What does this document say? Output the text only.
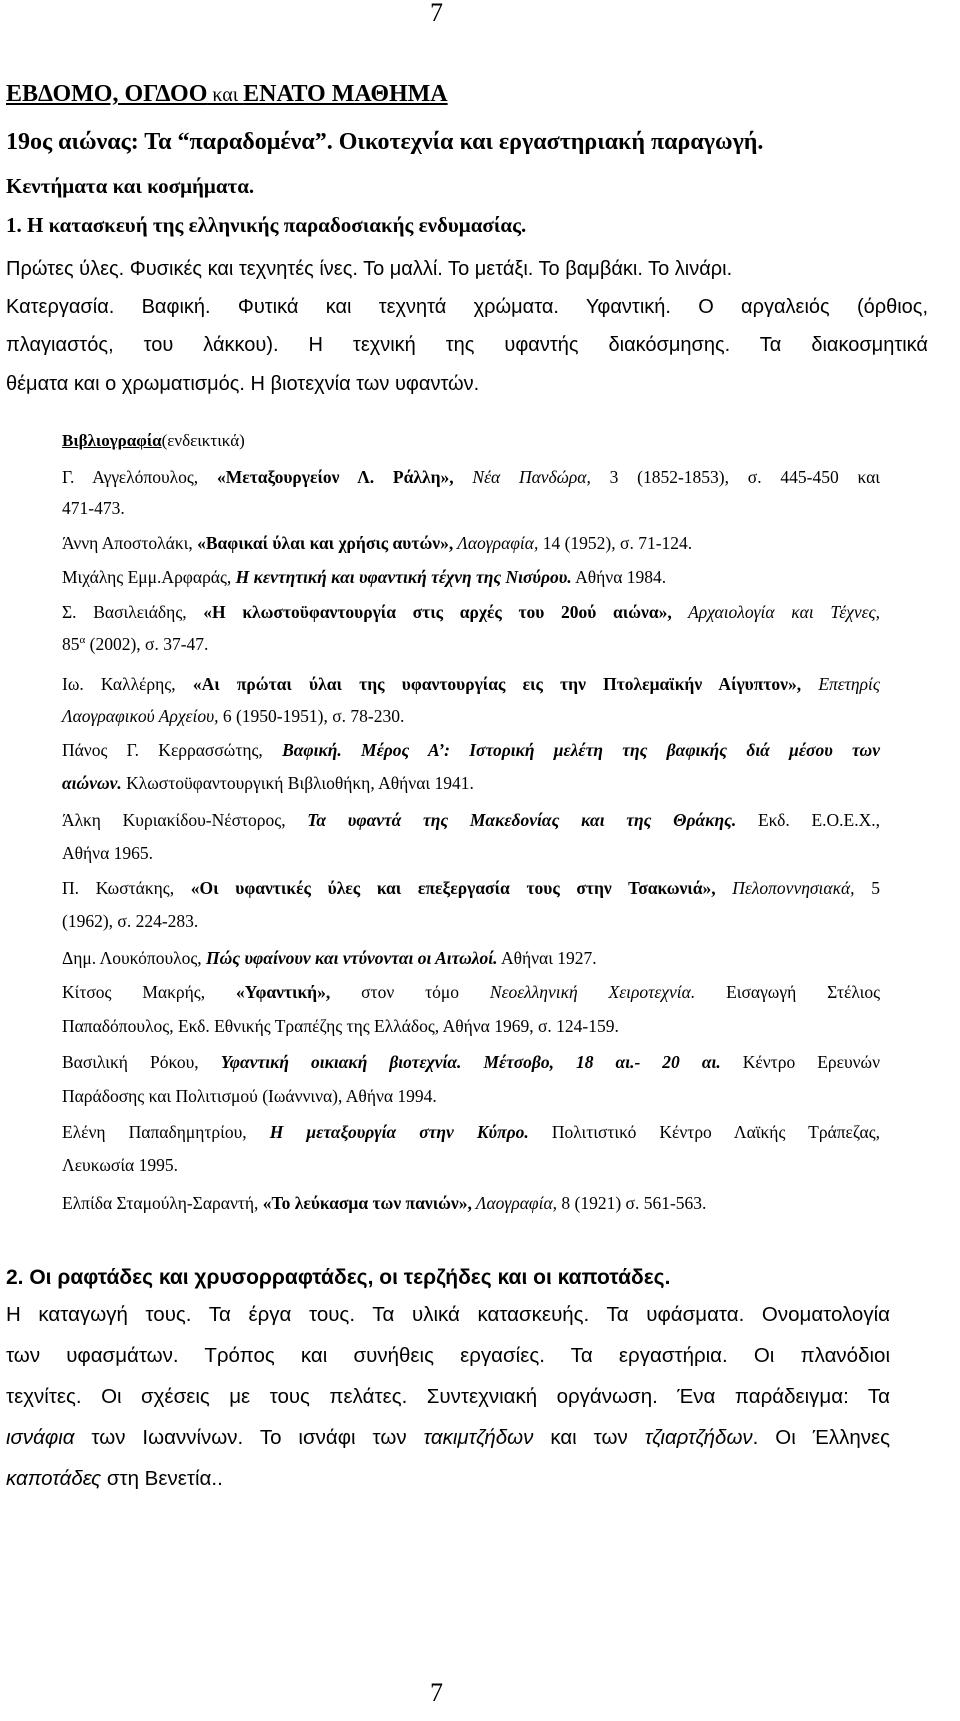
7
ΕΒΔΟΜΟ, ΟΓΔΟΟ και ΕΝΑΤΟ ΜΑΘΗΜΑ
19ος αιώνας: Τα “παραδομένα”. Οικοτεχνία και εργαστηριακή παραγωγή.
Κεντήματα και κοσμήματα.
1. Η κατασκευή της ελληνικής παραδοσιακής ενδυμασίας.
Πρώτες ύλες. Φυσικές και τεχνητές ίνες. Το μαλλί. Το μετάξι. Το βαμβάκι. Το λινάρι.
Κατεργασία. Βαφική. Φυτικά και τεχνητά χρώματα. Υφαντική. Ο αργαλειός (όρθιος,
πλαγιαστός, του λάκκου). Η τεχνική της υφαντής διακόσμησης. Τα διακοσμητικά
θέματα και ο χρωματισμός. Η βιοτεχνία των υφαντών.
Βιβλιογραφία(ενδεικτικά)
Γ. Αγγελόπουλος, «Μεταξουργείον Λ. Ράλλη», Νέα Πανδώρα, 3 (1852-1853), σ. 445-450 και
471-473.
Άννη Αποστολάκι, «Βαφικαί ύλαι και χρήσις αυτών», Λαογραφία, 14 (1952), σ. 71-124.
Μιχάλης Εμμ.Αρφαράς, Η κεντητική και υφαντική τέχνη της Νισύρου. Αθήνα 1984.
Σ. Βασιλειάδης, «Η κλωστοϋφαντουργία στις αρχές του 20ού αιώνα», Αρχαιολογία και Τέχνες,
$85^\alpha$ (2002), σ. 37-47.
Ιω. Καλλέρης, «Αι πρώται ύλαι της υφαντουργίας εις την Πτολεμαϊκήν Αίγυπτον», Επετηρίς
Λαογραφικού Αρχείου, 6 (1950-1951), σ. 78-230.
Πάνος Γ. Κερρασσώτης, Βαφική. Μέρος Α’: Ιστορική μελέτη της βαφικής διά μέσου των
αιώνων. Κλωστοϋφαντουργική Βιβλιοθήκη, Αθήναι 1941.
Άλκη Κυριακίδου-Νέστορος, Τα υφαντά της Μακεδονίας και της Θράκης. Εκδ. Ε.Ο.Ε.Χ.,
Αθήνα 1965.
Π. Κωστάκης, «Οι υφαντικές ύλες και επεξεργασία τους στην Τσακωνιά», Πελοποννησιακά, 5
(1962), σ. 224-283.
Δημ. Λουκόπουλος, Πώς υφαίνουν και ντύνονται οι Αιτωλοί. Αθήναι 1927.
Κίτσος Μακρής, «Υφαντική», στον τόμο Νεοελληνική Χειροτεχνία. Εισαγωγή Στέλιος
Παπαδόπουλος, Εκδ. Εθνικής Τραπέζης της Ελλάδος, Αθήνα 1969, σ. 124-159.
Βασιλική Ρόκου, Υφαντική οικιακή βιοτεχνία. Μέτσοβο, 18 αι.- 20 αι. Κέντρο Ερευνών
Παράδοσης και Πολιτισμού (Ιωάννινα), Αθήνα 1994.
Ελένη Παπαδημητρίου, Η μεταξουργία στην Κύπρο. Πολιτιστικό Κέντρο Λαϊκής Τράπεζας,
Λευκωσία 1995.
Ελπίδα Σταμούλη-Σαραντή, «Το λεύκασμα των πανιών», Λαογραφία, 8 (1921) σ. 561-563.
2. Οι ραφτάδες και χρυσορραφτάδες, οι τερζήδες και οι καποτάδες.
Η καταγωγή τους. Τα έργα τους. Τα υλικά κατασκευής. Τα υφάσματα. Ονοματολογία
των υφασμάτων. Τρόπος και συνήθεις εργασίες. Τα εργαστήρια. Οι πλανόδιοι
τεχνίτες. Οι σχέσεις με τους πελάτες. Συντεχνιακή οργάνωση. Ένα παράδειγμα: Τα
ισνάφια των Ιωαννίνων. Το ισνάφι των τακιμτζήδων και των τζιαρτζήδων. Οι Έλληνες
καποτάδες στη Βενετία..
7
